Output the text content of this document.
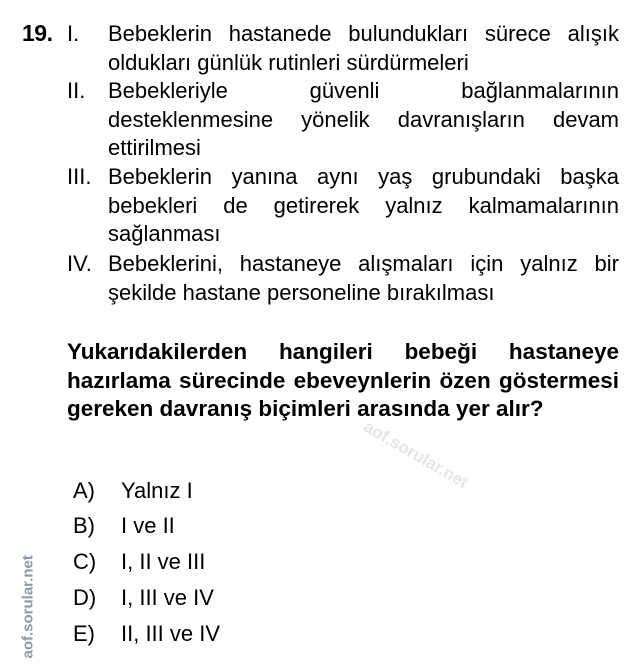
19. I. Bebeklerin hastanede bulundukları sürece alışık oldukları günlük rutinleri sürdürmeleri
II. Bebekleriyle güvenli bağlanmalarının desteklenmesine yönelik davranışların devam ettirilmesi
III. Bebeklerin yanına aynı yaş grubundaki başka bebekleri de getirerek yalnız kalmamalarının sağlanması
IV. Bebeklerini, hastaneye alışmaları için yalnız bir şekilde hastane personeline bırakılması
Yukarıdakilerden hangileri bebeği hastaneye hazırlama sürecinde ebeveynlerin özen göstermesi gereken davranış biçimleri arasında yer alır?
A) Yalnız I
B) I ve II
C) I, II ve III
D) I, III ve IV
E) II, III ve IV
aof.sorular.net
aof.sorular.net
